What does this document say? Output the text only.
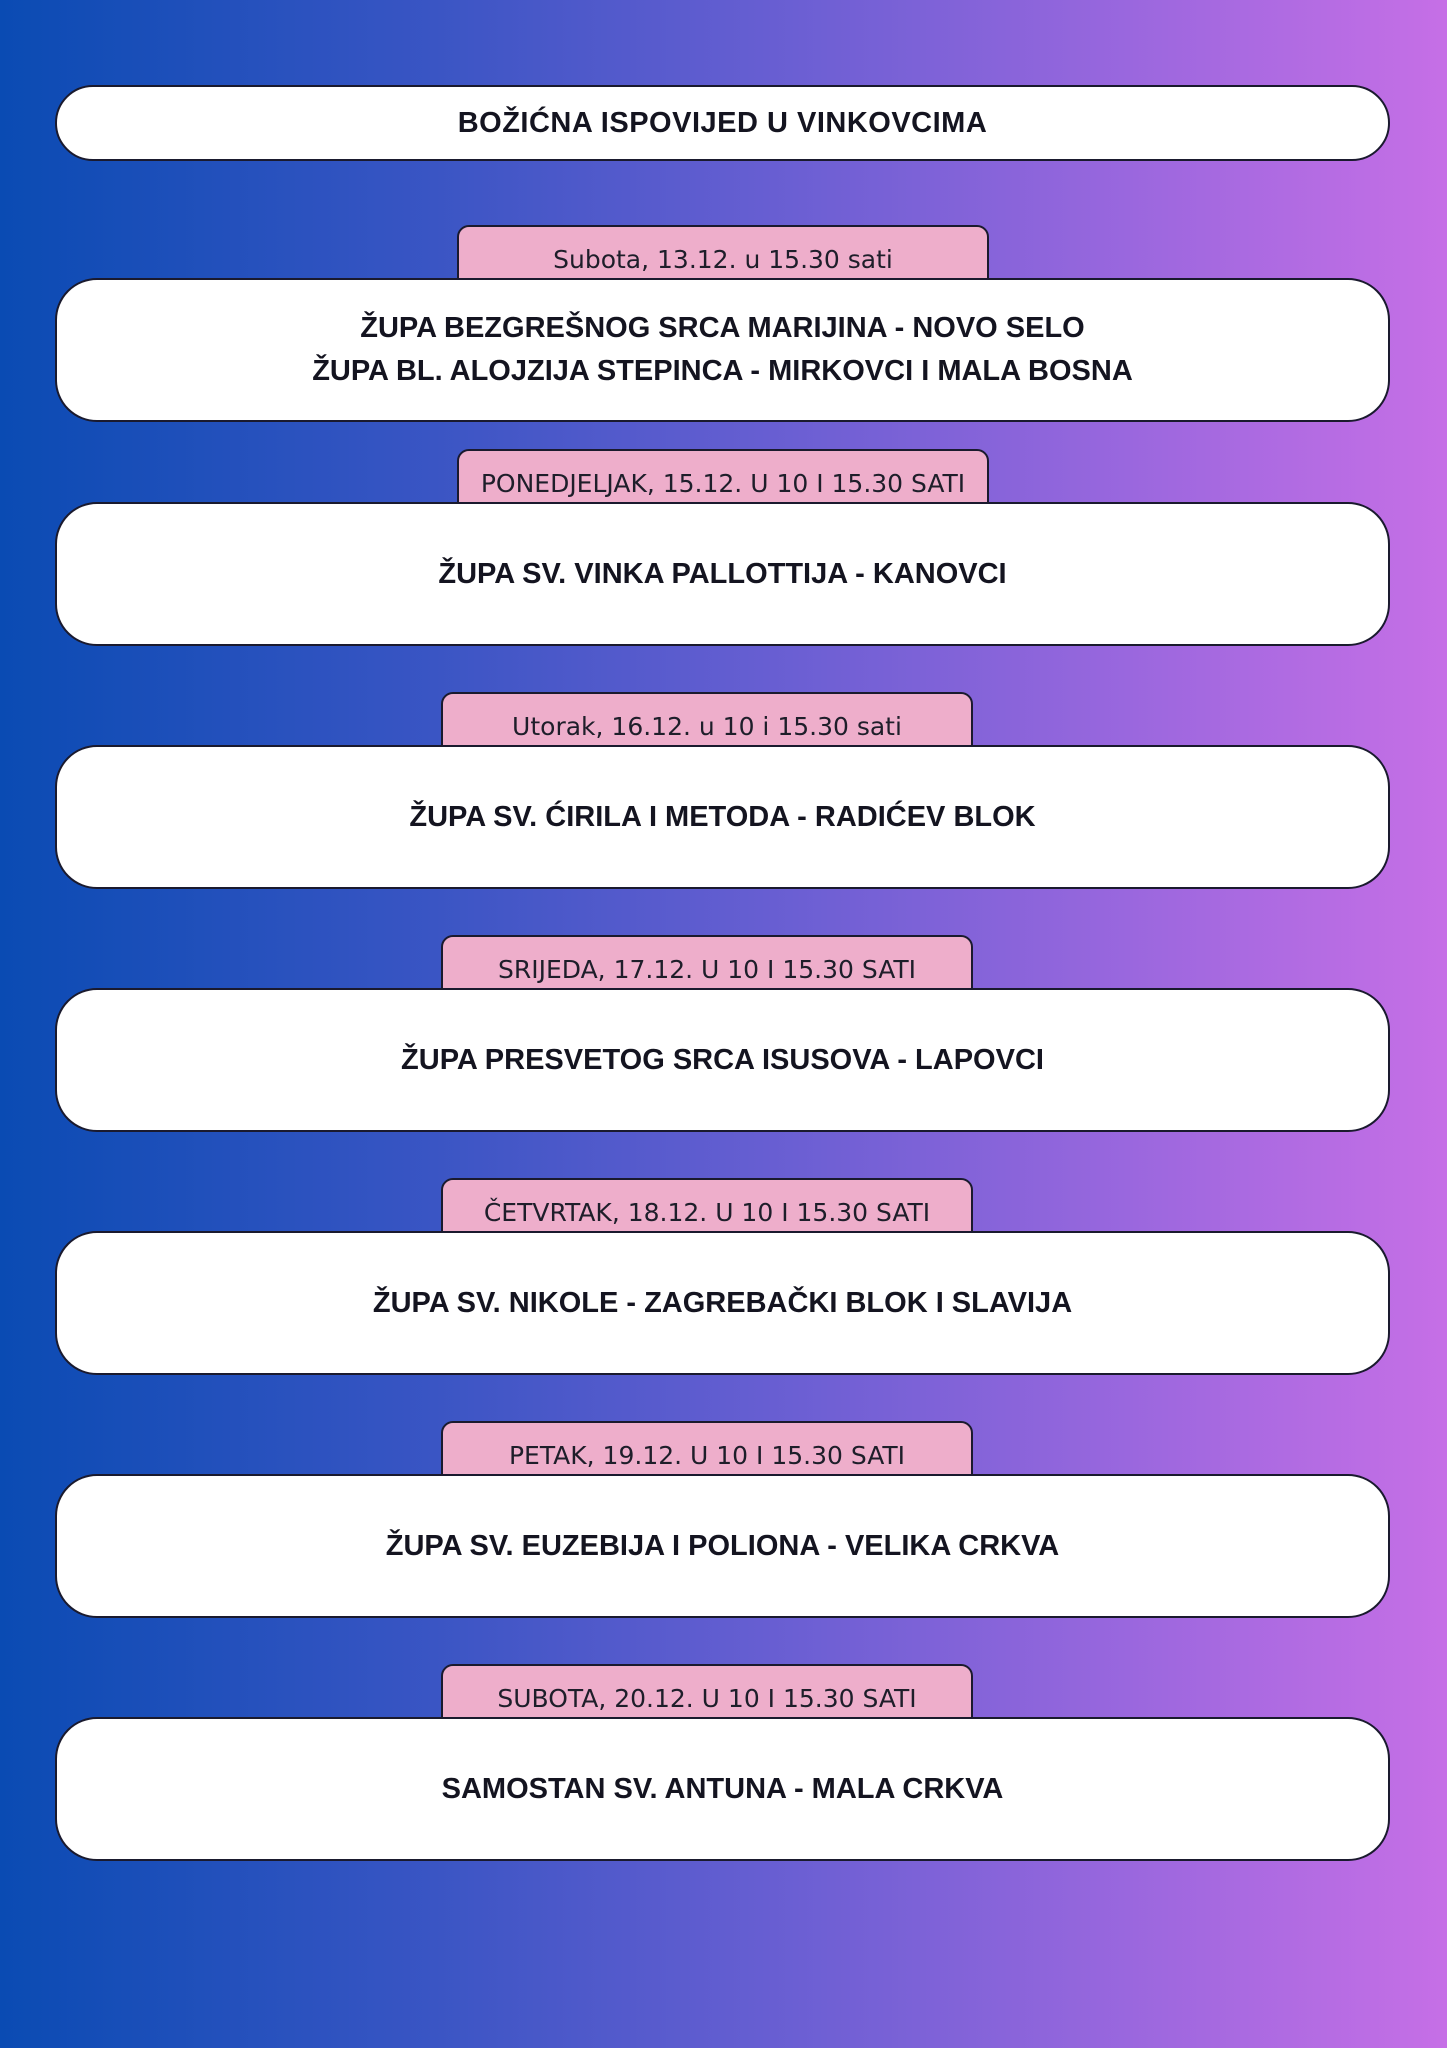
BOŽIĆNA ISPOVIJED U VINKOVCIMA
Subota, 13.12. u 15.30 sati
ŽUPA BEZGREŠNOG SRCA MARIJINA - NOVO SELO
ŽUPA BL. ALOJZIJA STEPINCA - MIRKOVCI I MALA BOSNA
PONEDJELJAK, 15.12. U 10 I 15.30 SATI
ŽUPA SV. VINKA PALLOTTIJA - KANOVCI
Utorak, 16.12. u 10 i 15.30 sati
ŽUPA SV. ĆIRILA I METODA - RADIĆEV BLOK
SRIJEDA, 17.12. U 10 I 15.30 SATI
ŽUPA PRESVETOG SRCA ISUSOVA - LAPOVCI
ČETVRTAK, 18.12. U 10 I 15.30 SATI
ŽUPA SV. NIKOLE - ZAGREBAČKI BLOK I SLAVIJA
PETAK, 19.12. U 10 I 15.30 SATI
ŽUPA SV. EUZEBIJA I POLIONA - VELIKA CRKVA
SUBOTA, 20.12. U 10 I 15.30 SATI
SAMOSTAN SV. ANTUNA - MALA CRKVA
